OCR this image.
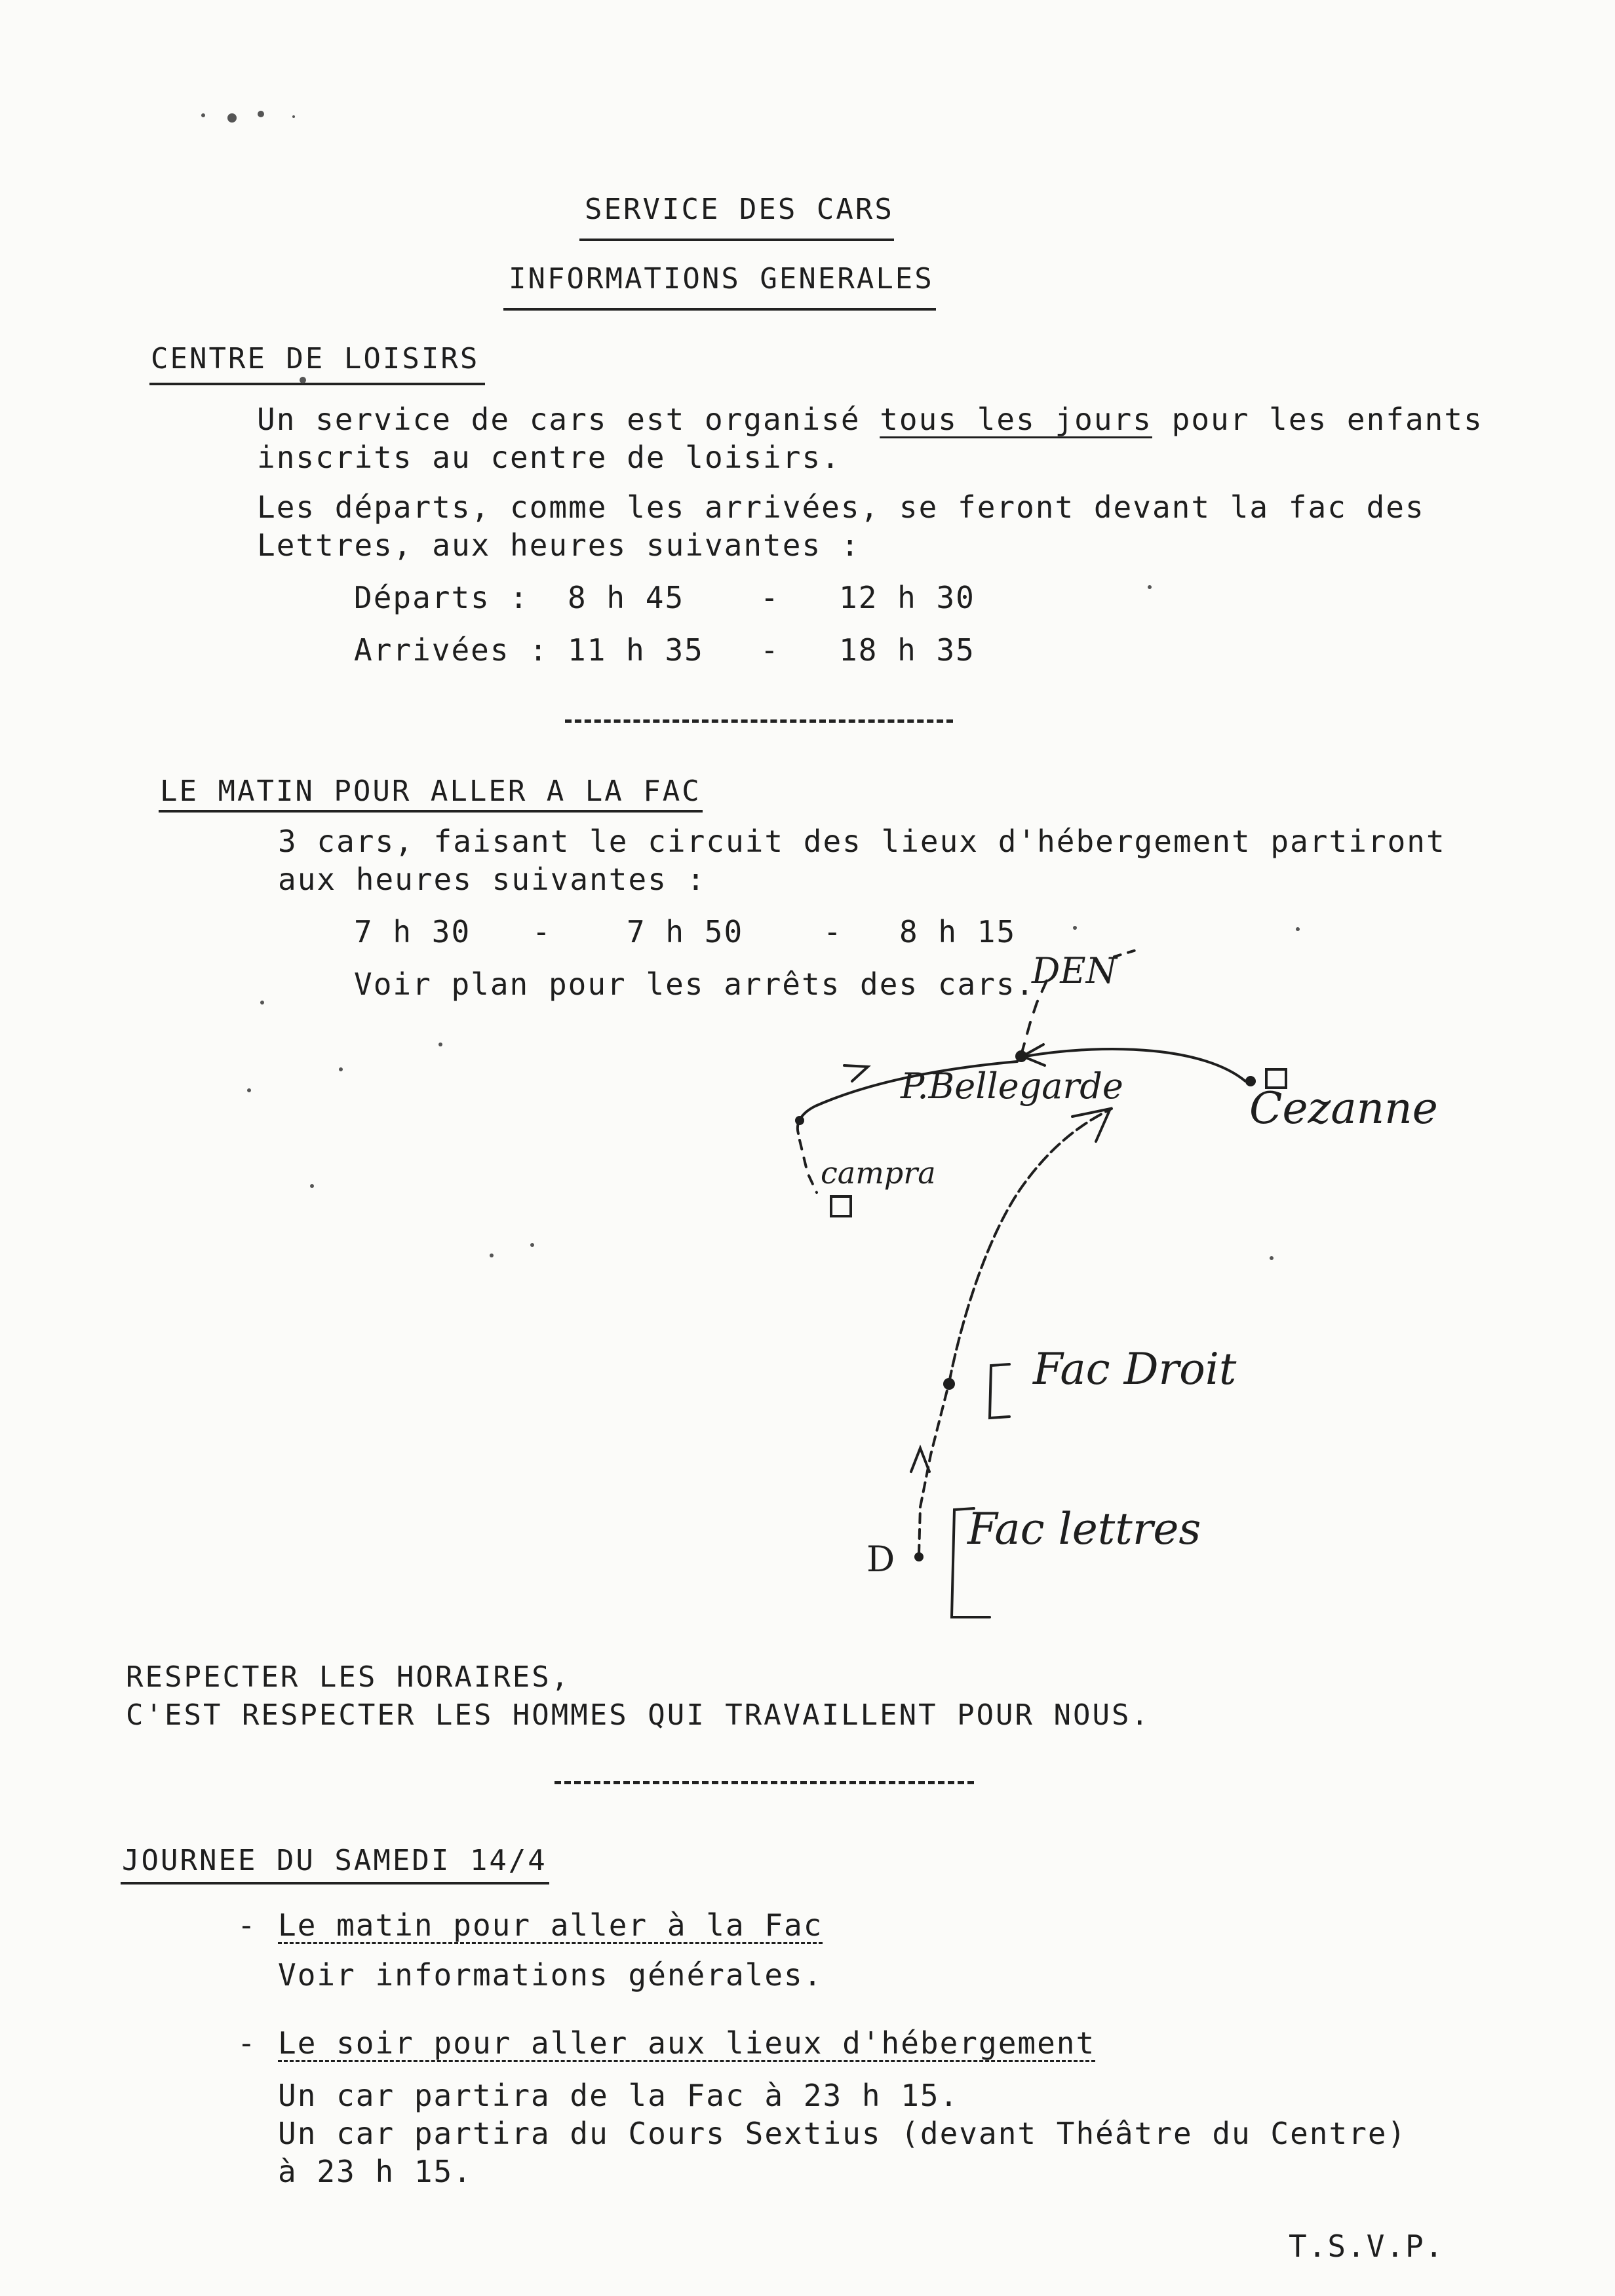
SERVICE DES CARS
INFORMATIONS GENERALES
CENTRE DE LOISIRS
Un service de cars est organisé tous les jours pour les enfants
inscrits au centre de loisirs.
Les départs, comme les arrivées, se feront devant la fac des
Lettres, aux heures suivantes :
Départs : 8 h 45	- 12 h 30
Arrivées : 11 h 35 - 18 h 35
LE MATIN POUR ALLER A LA FAC
3 cars, faisant le circuit des lieux d'hébergement partiront
aux heures suivantes :
7 h 30 - 7 h 50	- 8 h 15
Voir plan pour les arrêts des cars.
DEN
P.Bellegarde	Cezanne
campra
Fac Droit
Fac lettres
D
RESPECTER LES HORAIRES,
C'EST RESPECTER LES HOMMES QUI TRAVAILLENT POUR NOUS.
JOURNEE DU SAMEDI 14/4
- Le matin pour aller à la Fac
Voir informations générales.
- Le soir pour aller aux lieux d'hébergement
Un car partira de la Fac à 23 h 15.
Un car partira du Cours Sextius (devant Théâtre du Centre)
à 23 h 15.
T.S.V.P.
